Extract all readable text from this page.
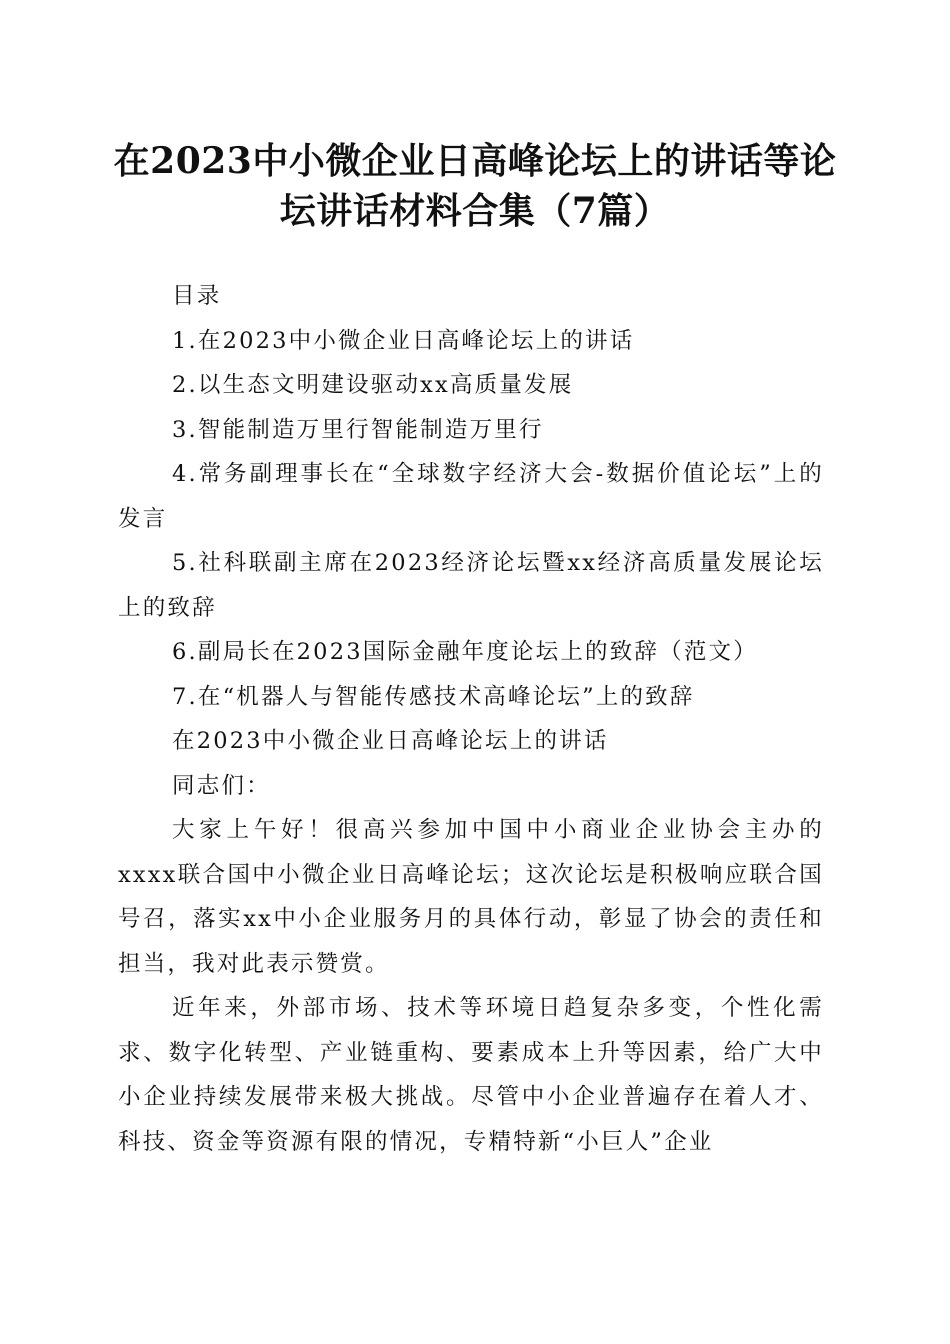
在2023中小微企业日高峰论坛上的讲话等论
坛讲话材料合集（7篇）

目录

1.在2023中小微企业日高峰论坛上的讲话

2.以生态文明建设驱动xx高质量发展

3.智能制造万里行智能制造万里行

4.常务副理事长在“全球数字经济大会-数据价值论坛”上的发言

5.社科联副主席在2023经济论坛暨xx经济高质量发展论坛上的致辞

6.副局长在2023国际金融年度论坛上的致辞（范文）

7.在“机器人与智能传感技术高峰论坛”上的致辞

在2023中小微企业日高峰论坛上的讲话

同志们：

大家上午好！很高兴参加中国中小商业企业协会主办的xxxx联合国中小微企业日高峰论坛；这次论坛是积极响应联合国号召，落实xx中小企业服务月的具体行动，彰显了协会的责任和担当，我对此表示赞赏。

近年来，外部市场、技术等环境日趋复杂多变，个性化需求、数字化转型、产业链重构、要素成本上升等因素，给广大中小企业持续发展带来极大挑战。尽管中小企业普遍存在着人才、科技、资金等资源有限的情况，专精特新“小巨人”企业
